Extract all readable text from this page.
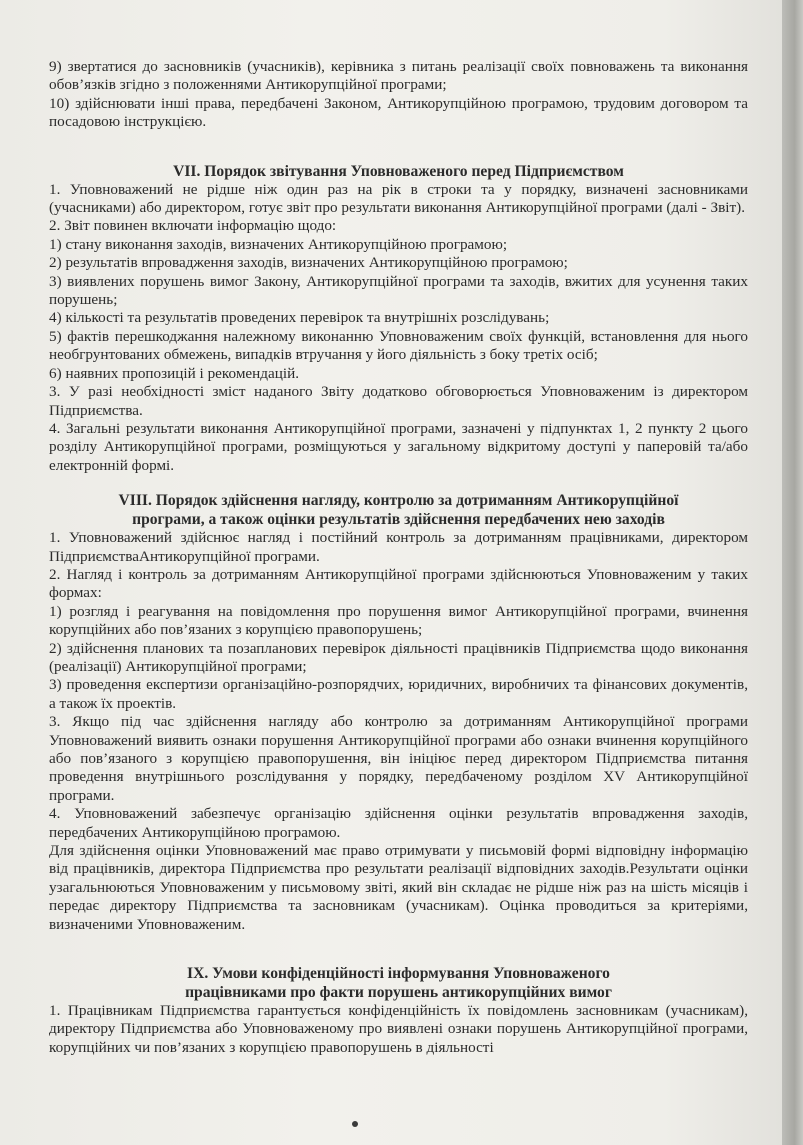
9) звертатися до засновників (учасників), керівника з питань реалізації своїх повноважень та виконання обов’язків згідно з положеннями Антикорупційної програми;

10) здійснювати інші права, передбачені Законом, Антикорупційною програмою, трудовим договором та посадовою інструкцією.

VII. Порядок звітування Уповноваженого перед Підприємством

1. Уповноважений не рідше ніж один раз на рік в строки та у порядку, визначені засновниками (учасниками) або директором, готує звіт про результати виконання Антикорупційної програми (далі - Звіт).

2. Звіт повинен включати інформацію щодо:

1) стану виконання заходів, визначених Антикорупційною програмою;

2) результатів впровадження заходів, визначених Антикорупційною програмою;

3) виявлених порушень вимог Закону, Антикорупційної програми та заходів, вжитих для усунення таких порушень;

4) кількості та результатів проведених перевірок та внутрішніх розслідувань;

5) фактів перешкоджання належному виконанню Уповноваженим своїх функцій, встановлення для нього необгрунтованих обмежень, випадків втручання у його діяльність з боку третіх осіб;

6) наявних пропозицій і рекомендацій.

3. У разі необхідності зміст наданого Звіту додатково обговорюється Уповноваженим із директором Підприємства.

4. Загальні результати виконання Антикорупційної програми, зазначені у підпунктах 1, 2 пункту 2 цього розділу Антикорупційної програми, розміщуються у загальному відкритому доступі у паперовій та/або електронній формі.

VIII. Порядок здійснення нагляду, контролю за дотриманням Антикорупційної
програми, а також оцінки результатів здійснення передбачених нею заходів

1. Уповноважений здійснює нагляд і постійний контроль за дотриманням працівниками, директором ПідприємстваАнтикорупційної програми.

2. Нагляд і контроль за дотриманням Антикорупційної програми здійснюються Уповноваженим у таких формах:

1) розгляд і реагування на повідомлення про порушення вимог Антикорупційної програми, вчинення корупційних або пов’язаних з корупцією правопорушень;

2) здійснення планових та позапланових перевірок діяльності працівників Підприємства щодо виконання (реалізації) Антикорупційної програми;

3) проведення експертизи організаційно-розпорядчих, юридичних, виробничих та фінансових документів, а також їх проектів.

3. Якщо під час здійснення нагляду або контролю за дотриманням Антикорупційної програми Уповноважений виявить ознаки порушення Антикорупційної програми або ознаки вчинення корупційного або пов’язаного з корупцією правопорушення, він ініціює перед директором Підприємства питання проведення внутрішнього розслідування у порядку, передбаченому розділом XV Антикорупційної програми.

4. Уповноважений забезпечує організацію здійснення оцінки результатів впровадження заходів, передбачених Антикорупційною програмою.

Для здійснення оцінки Уповноважений має право отримувати у письмовій формі відповідну інформацію від працівників, директора Підприємства про результати реалізації відповідних заходів.Результати оцінки узагальнюються Уповноваженим у письмовому звіті, який він складає не рідше ніж раз на шість місяців і передає директору Підприємства та засновникам (учасникам). Оцінка проводиться за критеріями, визначеними Уповноваженим.

IX. Умови конфіденційності інформування Уповноваженого
працівниками про факти порушень антикорупційних вимог

1. Працівникам Підприємства гарантується конфіденційність їх повідомлень засновникам (учасникам), директору Підприємства або Уповноваженому про виявлені ознаки порушень Антикорупційної програми, корупційних чи пов’язаних з корупцією правопорушень в діяльності
